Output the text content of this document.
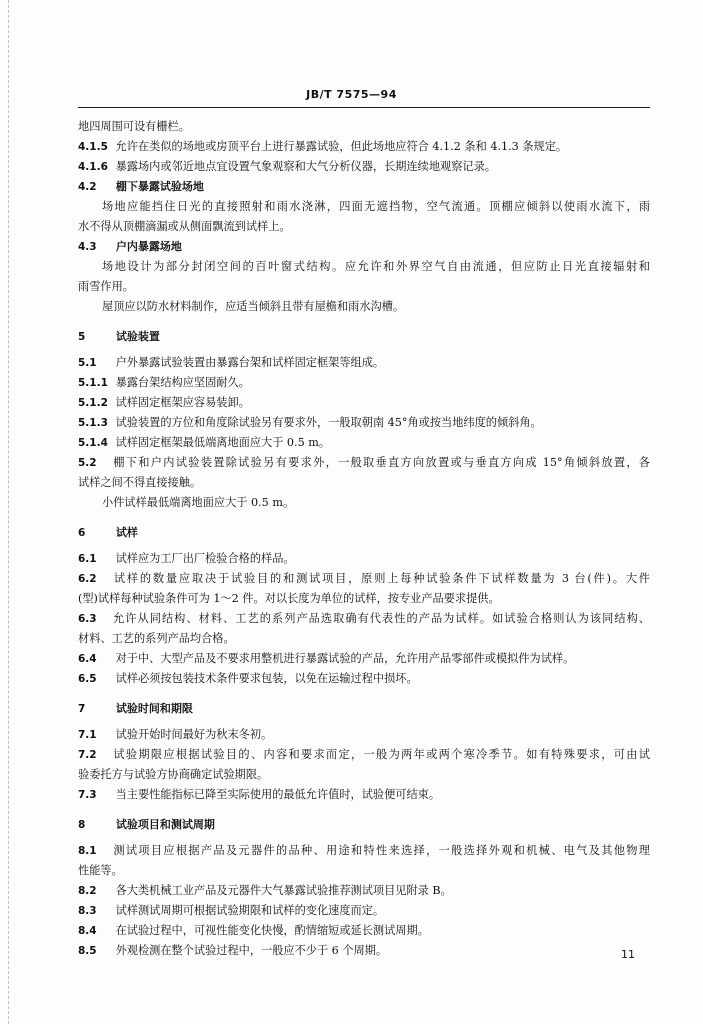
JB/T 7575—94
地四周围可设有栅栏。
4.1.5 允许在类似的场地或房顶平台上进行暴露试验，但此场地应符合 4.1.2 条和 4.1.3 条规定。
4.1.6 暴露场内或邻近地点宜设置气象观察和大气分析仪器，长期连续地观察记录。
4.2 棚下暴露试验场地
场地应能挡住日光的直接照射和雨水浇淋，四面无遮挡物，空气流通。顶棚应倾斜以使雨水流下，雨
水不得从顶棚滴漏或从侧面飘流到试样上。
4.3 户内暴露场地
场地设计为部分封闭空间的百叶窗式结构。应允许和外界空气自由流通，但应防止日光直接辐射和
雨雪作用。
屋顶应以防水材料制作，应适当倾斜且带有屋檐和雨水沟槽。
5	试验装置
5.1 户外暴露试验装置由暴露台架和试样固定框架等组成。
5.1.1 暴露台架结构应坚固耐久。
5.1.2 试样固定框架应容易装卸。
5.1.3 试验装置的方位和角度除试验另有要求外，一般取朝南 45°角或按当地纬度的倾斜角。
5.1.4 试样固定框架最低端离地面应大于 0.5 m。
5.2 棚下和户内试验装置除试验另有要求外，一般取垂直方向放置或与垂直方向成 15°角倾斜放置，各
试样之间不得直接接触。
小件试样最低端离地面应大于 0.5 m。
6	试样
6.1 试样应为工厂出厂检验合格的样品。
6.2 试样的数量应取决于试验目的和测试项目，原则上每种试验条件下试样数量为 3 台(件)。大件
(型)试样每种试验条件可为 1～2 件。对以长度为单位的试样，按专业产品要求提供。
6.3 允许从同结构、材料、工艺的系列产品选取确有代表性的产品为试样。如试验合格则认为该同结构、
材料、工艺的系列产品均合格。
6.4 对于中、大型产品及不要求用整机进行暴露试验的产品，允许用产品零部件或模拟件为试样。
6.5 试样必须按包装技术条件要求包装，以免在运输过程中损坏。
7	试验时间和期限
7.1 试验开始时间最好为秋末冬初。
7.2 试验期限应根据试验目的、内容和要求而定，一般为两年或两个寒冷季节。如有特殊要求，可由试
验委托方与试验方协商确定试验期限。
7.3 当主要性能指标已降至实际使用的最低允许值时，试验便可结束。
8	试验项目和测试周期
8.1 测试项目应根据产品及元器件的品种、用途和特性来选择，一般选择外观和机械、电气及其他物理
性能等。
8.2 各大类机械工业产品及元器件大气暴露试验推荐测试项目见附录 B。
8.3 试样测试周期可根据试验期限和试样的变化速度而定。
8.4 在试验过程中，可视性能变化快慢，酌情缩短或延长测试周期。
8.5 外观检测在整个试验过程中，一般应不少于 6 个周期。	11
